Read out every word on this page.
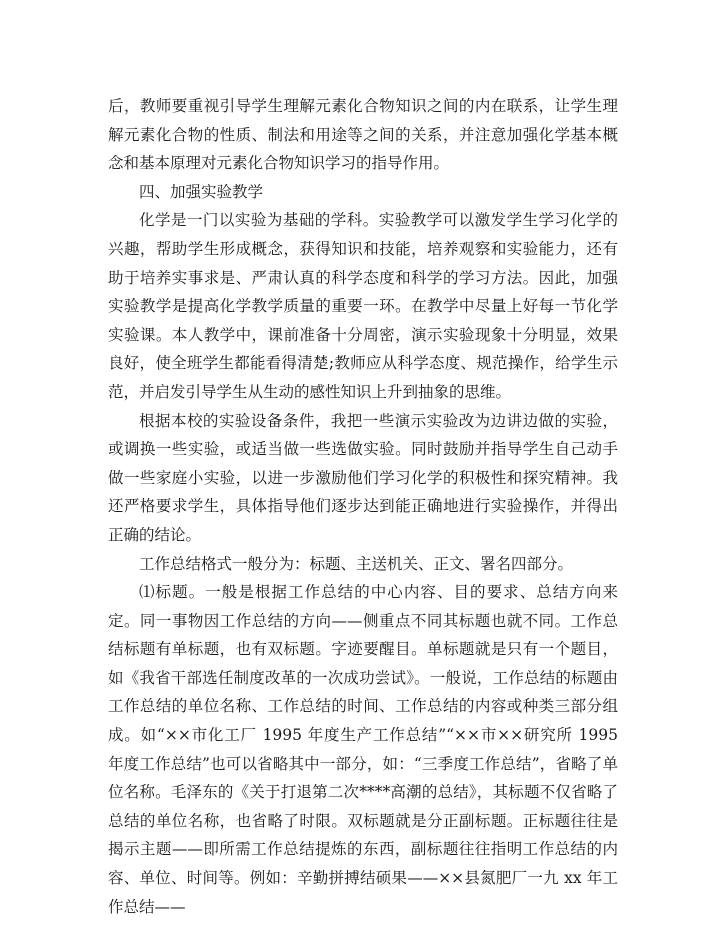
后，教师要重视引导学生理解元素化合物知识之间的内在联系，让学生理解元素化合物的性质、制法和用途等之间的关系，并注意加强化学基本概念和基本原理对元素化合物知识学习的指导作用。

四、加强实验教学

化学是一门以实验为基础的学科。实验教学可以激发学生学习化学的兴趣，帮助学生形成概念，获得知识和技能，培养观察和实验能力，还有助于培养实事求是、严肃认真的科学态度和科学的学习方法。因此，加强实验教学是提高化学教学质量的重要一环。在教学中尽量上好每一节化学实验课。本人教学中，课前准备十分周密，演示实验现象十分明显，效果良好，使全班学生都能看得清楚;教师应从科学态度、规范操作，给学生示范，并启发引导学生从生动的感性知识上升到抽象的思维。

根据本校的实验设备条件，我把一些演示实验改为边讲边做的实验，或调换一些实验，或适当做一些选做实验。同时鼓励并指导学生自己动手做一些家庭小实验，以进一步激励他们学习化学的积极性和探究精神。我还严格要求学生，具体指导他们逐步达到能正确地进行实验操作，并得出正确的结论。

工作总结格式一般分为：标题、主送机关、正文、署名四部分。

⑴标题。一般是根据工作总结的中心内容、目的要求、总结方向来定。同一事物因工作总结的方向——侧重点不同其标题也就不同。工作总结标题有单标题，也有双标题。字迹要醒目。单标题就是只有一个题目，如《我省干部选任制度改革的一次成功尝试》。一般说，工作总结的标题由工作总结的单位名称、工作总结的时间、工作总结的内容或种类三部分组成。如“××市化工厂 1995 年度生产工作总结”“××市××研究所 1995 年度工作总结”也可以省略其中一部分，如：“三季度工作总结”，省略了单位名称。毛泽东的《关于打退第二次****高潮的总结》，其标题不仅省略了总结的单位名称，也省略了时限。双标题就是分正副标题。正标题往往是揭示主题——即所需工作总结提炼的东西，副标题往往指明工作总结的内容、单位、时间等。例如：辛勤拼搏结硕果——××县氮肥厂一九 xx 年工作总结——
